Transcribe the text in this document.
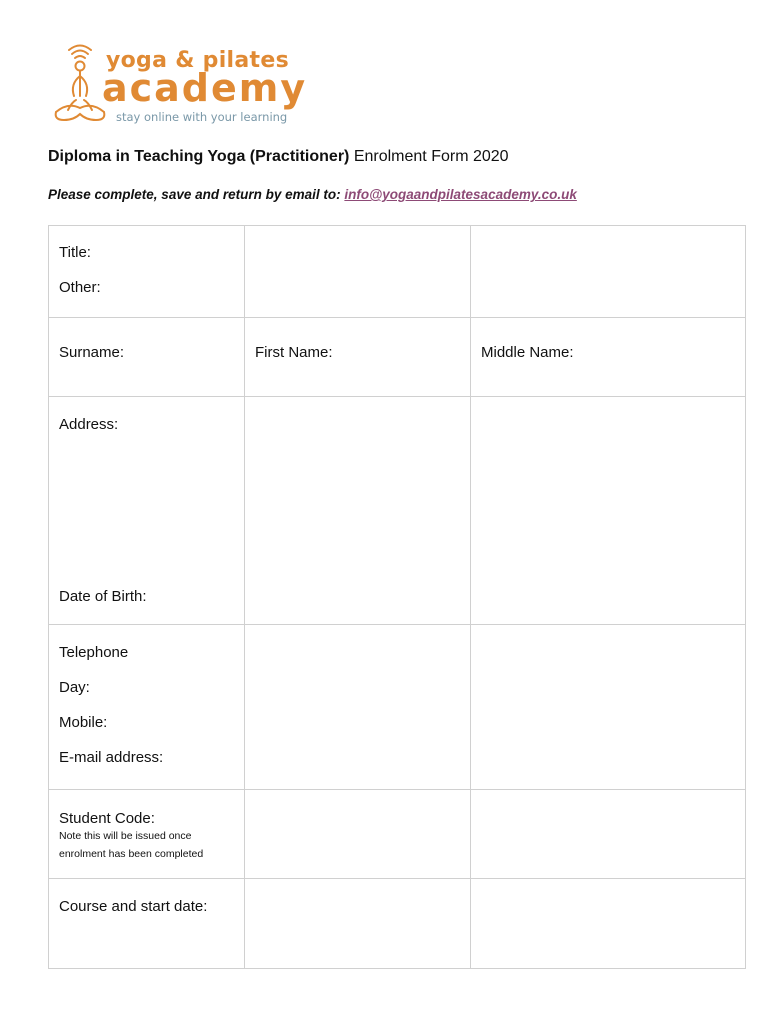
yoga & pilates
academy
stay online with your learning
Diploma in Teaching Yoga (Practitioner) Enrolment Form 2020
Please complete, save and return by email to: info@yogaandpilatesacademy.co.uk
Title:
Other:		

Surname:	First Name:	Middle Name:

Address:
Date of Birth:		

Telephone
Day:
Mobile:
E-mail address:		

Student Code:
Note this will be issued once
enrolment has been completed		

Course and start date:		
